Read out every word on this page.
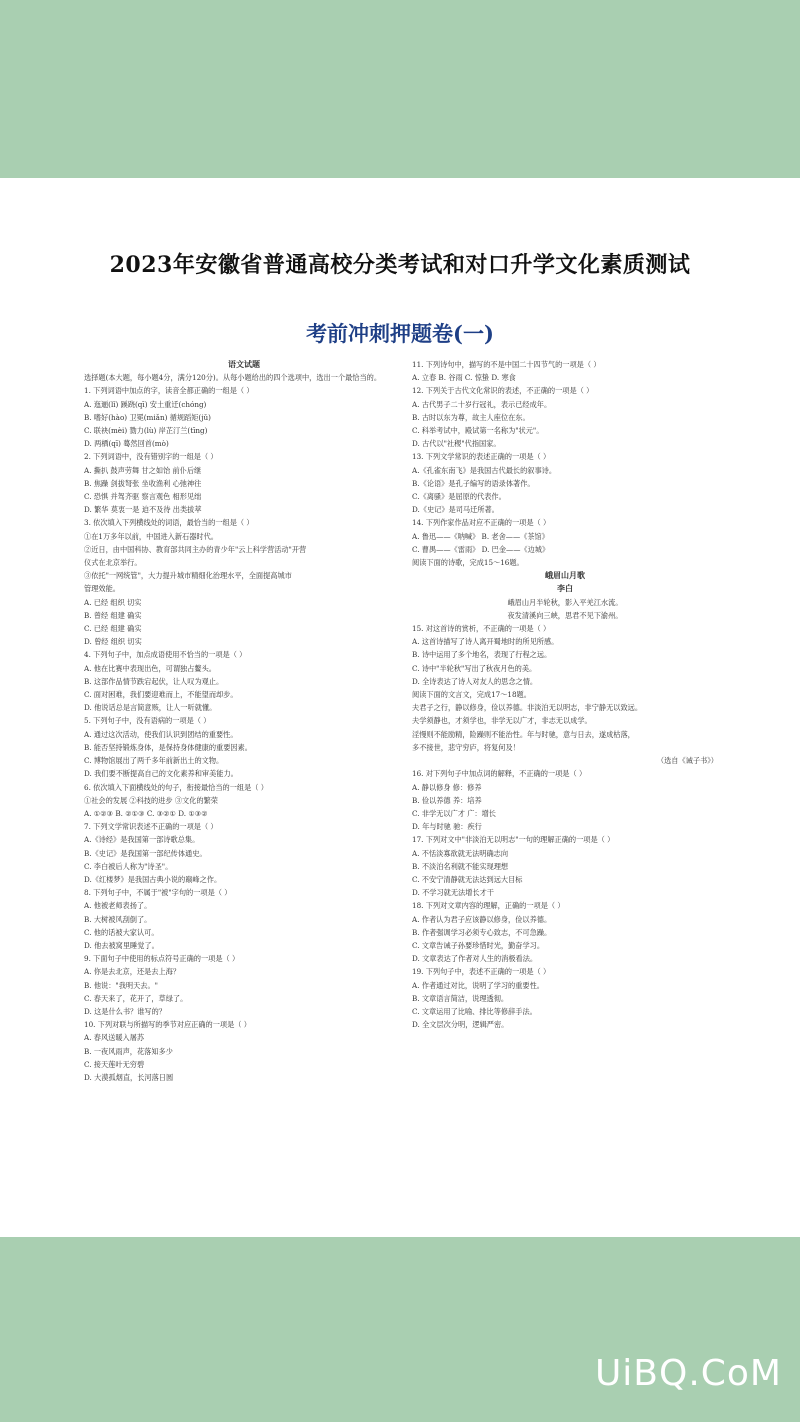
2023年安徽省普通高校分类考试和对口升学文化素质测试
考前冲刺押题卷(一)
语文试题
选择题(本大题，每小题4分，满分120分)。从每小题给出的四个选项中，选出一个最恰当的。
1. 下列词语中加点的字，读音全都正确的一组是（ ）
A. 迤逦(lǐ) 蹊跷(qī) 安土重迁(chóng)
B. 嗜好(hào) 卫冕(miǎn) 循规蹈矩(jǔ)
C. 联袂(mèi) 勠力(lù) 岸芷汀兰(tīng)
D. 两栖(qī) 蓦然回首(mò)
2. 下列词语中，没有错别字的一组是（ ）
A. 撕扒 鼓声劳舞 甘之如饴 前仆后继
B. 焦躁 剑拔弩张 坐收渔利 心弛神往
C. 恐惧 并驾齐驱 察言观色 相形见绌
D. 繁华 莫衷一是 迫不及待 出类拔萃
3. 依次填入下列横线处的词语，最恰当的一组是（ ）
①在1万多年以前，中国进入新石器时代。
②近日，由中国科协、教育部共同主办的青少年"云上科学营活动"开营
仪式在北京举行。
③依托"一网统管"，大力提升城市精细化治理水平，全面提高城市
管理效能。
A. 已经 组织 切实
B. 曾经 组建 确实
C. 已经 组建 确实
D. 曾经 组织 切实
4. 下列句子中，加点成语使用不恰当的一项是（ ）
A. 他在比赛中表现出色，可谓独占鳌头。
B. 这部作品情节跌宕起伏，让人叹为观止。
C. 面对困难，我们要迎难而上，不能望而却步。
D. 他说话总是言简意赅，让人一听就懂。
5. 下列句子中，没有语病的一项是（ ）
A. 通过这次活动，使我们认识到团结的重要性。
B. 能否坚持锻炼身体，是保持身体健康的重要因素。
C. 博物馆展出了两千多年前新出土的文物。
D. 我们要不断提高自己的文化素养和审美能力。
6. 依次填入下面横线处的句子，衔接最恰当的一组是（ ）
①社会的发展 ②科技的进步 ③文化的繁荣
A. ①②③ B. ②①③ C. ③②① D. ①③②
7. 下列文学常识表述不正确的一项是（ ）
A.《诗经》是我国第一部诗歌总集。
B.《史记》是我国第一部纪传体通史。
C. 李白被后人称为"诗圣"。
D.《红楼梦》是我国古典小说的巅峰之作。
8. 下列句子中，不属于"被"字句的一项是（ ）
A. 他被老师表扬了。
B. 大树被风刮倒了。
C. 他的话被大家认可。
D. 他去被窝里睡觉了。
9. 下面句子中使用的标点符号正确的一项是（ ）
A. 你是去北京，还是去上海？
B. 他说："我明天去。"
C. 春天来了，花开了，草绿了。
D. 这是什么书？谁写的？
10. 下列对联与所描写的季节对应正确的一项是（ ）
A. 春风送暖入屠苏
B. 一夜风雨声，花落知多少
C. 接天莲叶无穷碧
D. 大漠孤烟直，长河落日圆
11. 下列诗句中，描写的不是中国二十四节气的一项是（ ）
A. 立春 B. 谷雨 C. 惊蛰 D. 寒食
12. 下列关于古代文化常识的表述，不正确的一项是（ ）
A. 古代男子二十岁行冠礼，表示已经成年。
B. 古时以东为尊，故主人座位在东。
C. 科举考试中，殿试第一名称为"状元"。
D. 古代以"社稷"代指国家。
13. 下列文学常识的表述正确的一项是（ ）
A.《孔雀东南飞》是我国古代最长的叙事诗。
B.《论语》是孔子编写的语录体著作。
C.《离骚》是屈原的代表作。
D.《史记》是司马迁所著。
14. 下列作家作品对应不正确的一项是（ ）
A. 鲁迅——《呐喊》 B. 老舍——《茶馆》
C. 曹禺——《雷雨》 D. 巴金——《边城》
阅读下面的诗歌，完成15～16题。
峨眉山月歌
李白
峨眉山月半轮秋，影入平羌江水流。
夜发清溪向三峡，思君不见下渝州。
15. 对这首诗的赏析，不正确的一项是（ ）
A. 这首诗描写了诗人离开蜀地时的所见所感。
B. 诗中运用了多个地名，表现了行程之远。
C. 诗中"半轮秋"写出了秋夜月色的美。
D. 全诗表达了诗人对友人的思念之情。
阅读下面的文言文，完成17～18题。
夫君子之行，静以修身，俭以养德。非淡泊无以明志，非宁静无以致远。
夫学须静也，才须学也，非学无以广才，非志无以成学。
淫慢则不能励精，险躁则不能治性。年与时驰，意与日去，遂成枯落，
多不接世，悲守穷庐，将复何及！
（选自《诫子书》）
16. 对下列句子中加点词的解释，不正确的一项是（ ）
A. 静以修身 修：修养
B. 俭以养德 养：培养
C. 非学无以广才 广：增长
D. 年与时驰 驰：疾行
17. 下列对文中"非淡泊无以明志"一句的理解正确的一项是（ ）
A. 不恬淡寡欲就无法明确志向
B. 不淡泊名利就不能实现理想
C. 不安宁清静就无法达到远大目标
D. 不学习就无法增长才干
18. 下列对文章内容的理解，正确的一项是（ ）
A. 作者认为君子应该静以修身，俭以养德。
B. 作者强调学习必须专心致志，不可急躁。
C. 文章告诫子孙要珍惜时光，勤奋学习。
D. 文章表达了作者对人生的消极看法。
19. 下列句子中，表述不正确的一项是（ ）
A. 作者通过对比，说明了学习的重要性。
B. 文章语言简洁，说理透彻。
C. 文章运用了比喻、排比等修辞手法。
D. 全文层次分明，逻辑严密。
UiBQ.CoM
